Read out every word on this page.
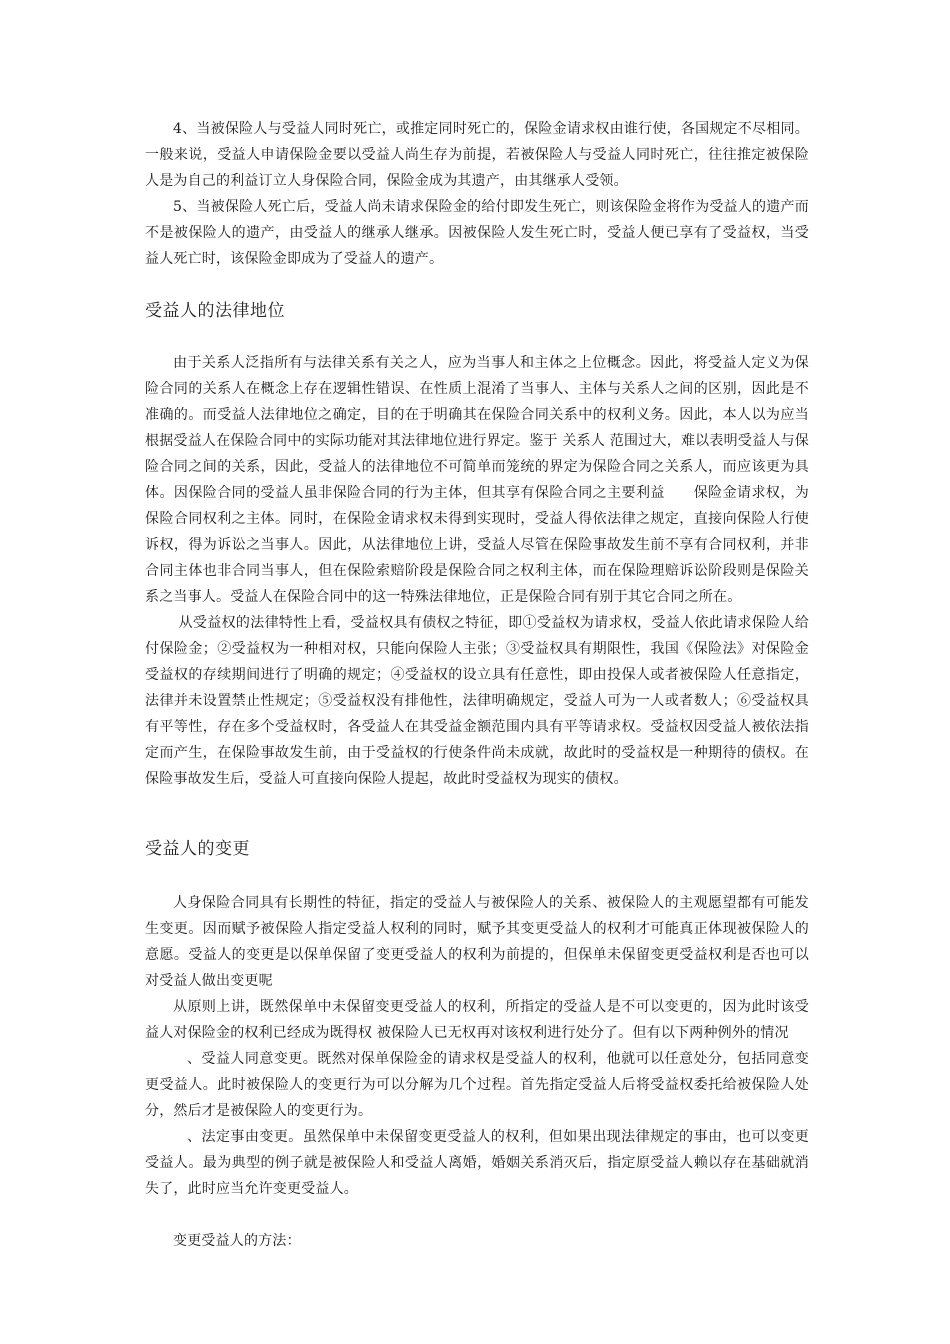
4、当被保险人与受益人同时死亡，或推定同时死亡的，保险金请求权由谁行使，各国规定不尽相同。一般来说，受益人申请保险金要以受益人尚生存为前提，若被保险人与受益人同时死亡，往往推定被保险人是为自己的利益订立人身保险合同，保险金成为其遗产，由其继承人受领。

5、当被保险人死亡后，受益人尚未请求保险金的给付即发生死亡，则该保险金将作为受益人的遗产而不是被保险人的遗产，由受益人的继承人继承。因被保险人发生死亡时，受益人便已享有了受益权，当受益人死亡时，该保险金即成为了受益人的遗产。

受益人的法律地位

由于关系人泛指所有与法律关系有关之人，应为当事人和主体之上位概念。因此，将受益人定义为保险合同的关系人在概念上存在逻辑性错误、在性质上混淆了当事人、主体与关系人之间的区别，因此是不准确的。而受益人法律地位之确定，目的在于明确其在保险合同关系中的权利义务。因此，本人以为应当根据受益人在保险合同中的实际功能对其法律地位进行界定。鉴于 关系人 范围过大，难以表明受益人与保险合同之间的关系，因此，受益人的法律地位不可简单而笼统的界定为保险合同之关系人，而应该更为具体。因保险合同的受益人虽非保险合同的行为主体，但其享有保险合同之主要利益　　保险金请求权，为保险合同权利之主体。同时，在保险金请求权未得到实现时，受益人得依法律之规定，直接向保险人行使诉权，得为诉讼之当事人。因此，从法律地位上讲，受益人尽管在保险事故发生前不享有合同权利，并非合同主体也非合同当事人，但在保险索赔阶段是保险合同之权利主体，而在保险理赔诉讼阶段则是保险关系之当事人。受益人在保险合同中的这一特殊法律地位，正是保险合同有别于其它合同之所在。

从受益权的法律特性上看，受益权具有债权之特征，即①受益权为请求权，受益人依此请求保险人给付保险金；②受益权为一种相对权，只能向保险人主张；③受益权具有期限性，我国《保险法》对保险金受益权的存续期间进行了明确的规定；④受益权的设立具有任意性，即由投保人或者被保险人任意指定，法律并未设置禁止性规定；⑤受益权没有排他性，法律明确规定，受益人可为一人或者数人；⑥受益权具有平等性，存在多个受益权时，各受益人在其受益金额范围内具有平等请求权。受益权因受益人被依法指定而产生，在保险事故发生前，由于受益权的行使条件尚未成就，故此时的受益权是一种期待的债权。在保险事故发生后，受益人可直接向保险人提起，故此时受益权为现实的债权。

受益人的变更

人身保险合同具有长期性的特征，指定的受益人与被保险人的关系、被保险人的主观愿望都有可能发生变更。因而赋予被保险人指定受益人权利的同时，赋予其变更受益人的权利才可能真正体现被保险人的意愿。受益人的变更是以保单保留了变更受益人的权利为前提的，但保单未保留变更受益权利是否也可以对受益人做出变更呢

从原则上讲，既然保单中未保留变更受益人的权利，所指定的受益人是不可以变更的，因为此时该受益人对保险金的权利已经成为既得权 被保险人已无权再对该权利进行处分了。但有以下两种例外的情况

、受益人同意变更。既然对保单保险金的请求权是受益人的权利，他就可以任意处分，包括同意变更受益人。此时被保险人的变更行为可以分解为几个过程。首先指定受益人后将受益权委托给被保险人处分，然后才是被保险人的变更行为。

、法定事由变更。虽然保单中未保留变更受益人的权利，但如果出现法律规定的事由，也可以变更受益人。最为典型的例子就是被保险人和受益人离婚，婚姻关系消灭后，指定原受益人赖以存在基础就消失了，此时应当允许变更受益人。

变更受益人的方法：
